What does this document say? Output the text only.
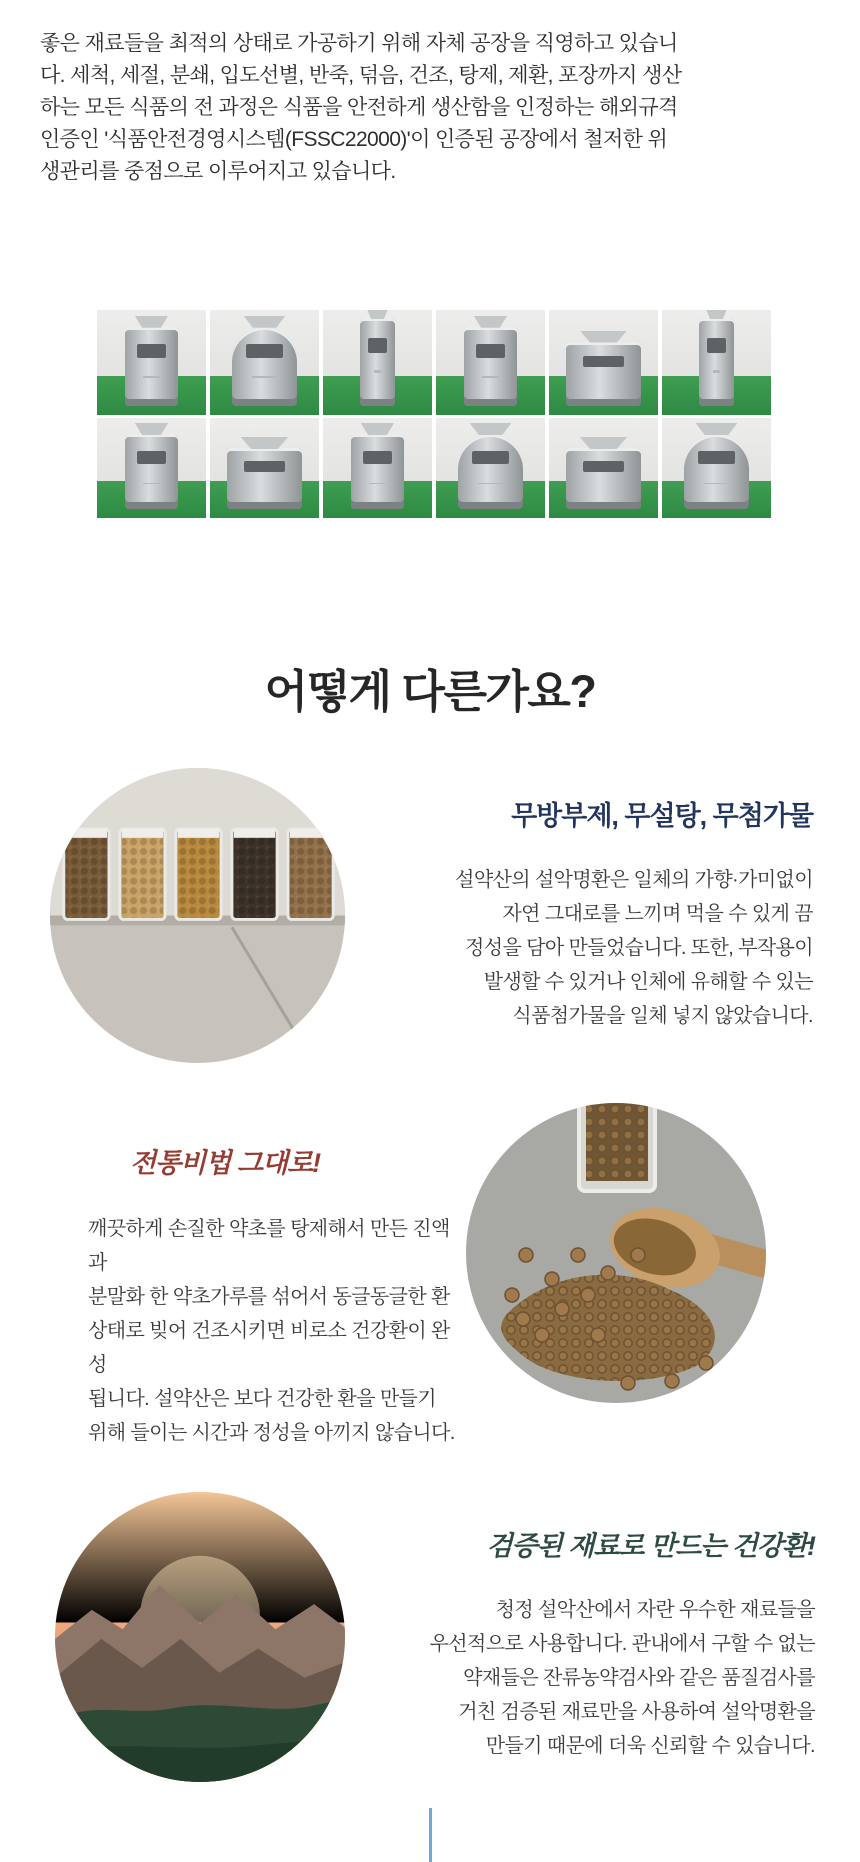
좋은 재료들을 최적의 상태로 가공하기 위해 자체 공장을 직영하고 있습니
다. 세척, 세절, 분쇄, 입도선별, 반죽, 덖음, 건조, 탕제, 제환, 포장까지 생산
하는 모든 식품의 전 과정은 식품을 안전하게 생산함을 인정하는 해외규격
인증인 '식품안전경영시스템(FSSC22000)'이 인증된 공장에서 철저한 위
생관리를 중점으로 이루어지고 있습니다.
어떻게 다른가요?
무방부제, 무설탕, 무첨가물
설약산의 설악명환은 일체의 가향·가미없이
자연 그대로를 느끼며 먹을 수 있게 끔
정성을 담아 만들었습니다. 또한, 부작용이
발생할 수 있거나 인체에 유해할 수 있는
식품첨가물을 일체 넣지 않았습니다.
전통비법 그대로!
깨끗하게 손질한 약초를 탕제해서 만든 진액과
분말화 한 약초가루를 섞어서 동글동글한 환
상태로 빚어 건조시키면 비로소 건강환이 완성
됩니다. 설약산은 보다 건강한 환을 만들기
위해 들이는 시간과 정성을 아끼지 않습니다.
검증된 재료로 만드는 건강환!
청정 설악산에서 자란 우수한 재료들을
우선적으로 사용합니다. 관내에서 구할 수 없는
약재들은 잔류농약검사와 같은 품질검사를
거친 검증된 재료만을 사용하여 설악명환을
만들기 때문에 더욱 신뢰할 수 있습니다.
